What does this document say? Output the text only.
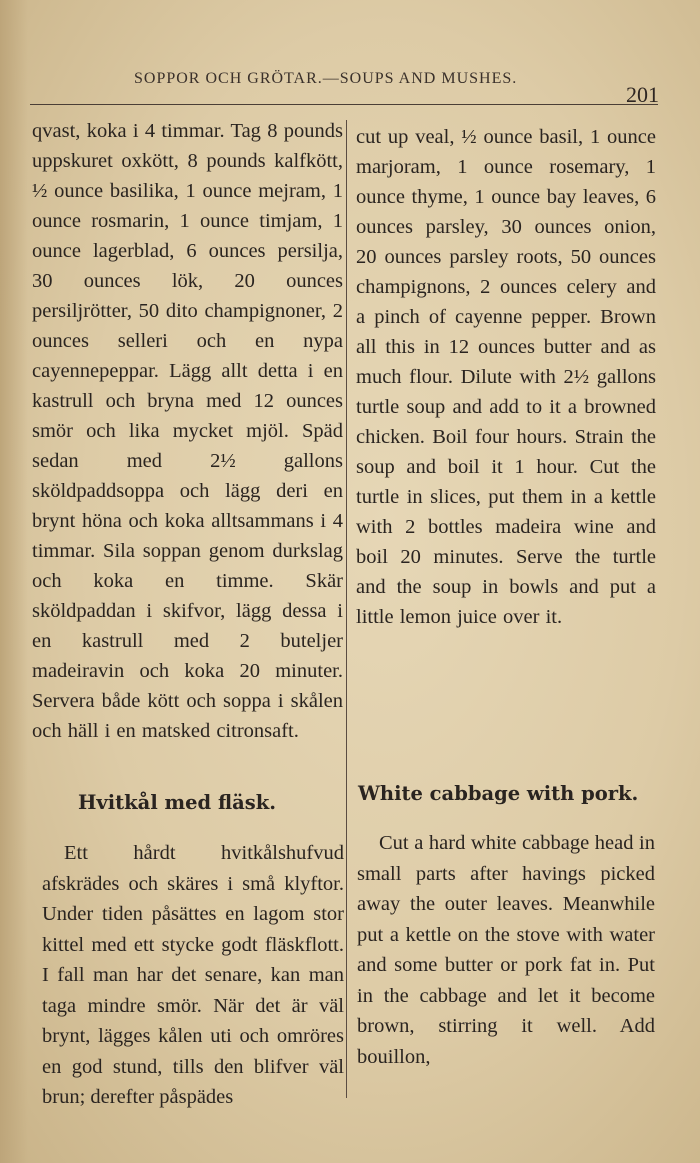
SOPPOR OCH GRÖTAR.—SOUPS AND MUSHES.
201

qvast, koka i 4 timmar. Tag 8 pounds uppskuret oxkött, 8 pounds kalfkött, ½ ounce basilika, 1 ounce mejram, 1 ounce rosmarin, 1 ounce timjam, 1 ounce lagerblad, 6 ounces persilja, 30 ounces lök, 20 ounces persiljrötter, 50 dito champignoner, 2 ounces selleri och en nypa cayennepeppar. Lägg allt detta i en kastrull och bryna med 12 ounces smör och lika mycket mjöl. Späd sedan med 2½ gallons sköldpaddsoppa och lägg deri en brynt höna och koka alltsammans i 4 timmar. Sila soppan genom durkslag och koka en timme. Skär sköldpaddan i skifvor, lägg dessa i en kastrull med 2 buteljer madeiravin och koka 20 minuter. Servera både kött och soppa i skålen och häll i en matsked citronsaft.

cut up veal, ½ ounce basil, 1 ounce marjoram, 1 ounce rosemary, 1 ounce thyme, 1 ounce bay leaves, 6 ounces parsley, 30 ounces onion, 20 ounces parsley roots, 50 ounces champignons, 2 ounces celery and a pinch of cayenne pepper. Brown all this in 12 ounces butter and as much flour. Dilute with 2½ gallons turtle soup and add to it a browned chicken. Boil four hours. Strain the soup and boil it 1 hour. Cut the turtle in slices, put them in a kettle with 2 bottles madeira wine and boil 20 minutes. Serve the turtle and the soup in bowls and put a little lemon juice over it.

Hvitkål med fläsk.	White cabbage with pork.

Ett hårdt hvitkålshufvud afskrädes och skäres i små klyftor. Under tiden påsättes en lagom stor kittel med ett stycke godt fläskflott. I fall man har det senare, kan man taga mindre smör. När det är väl brynt, lägges kålen uti och omröres en god stund, tills den blifver väl brun; derefter påspädes

Cut a hard white cabbage head in small parts after havings picked away the outer leaves. Meanwhile put a kettle on the stove with water and some butter or pork fat in. Put in the cabbage and let it become brown, stirring it well. Add bouillon,
